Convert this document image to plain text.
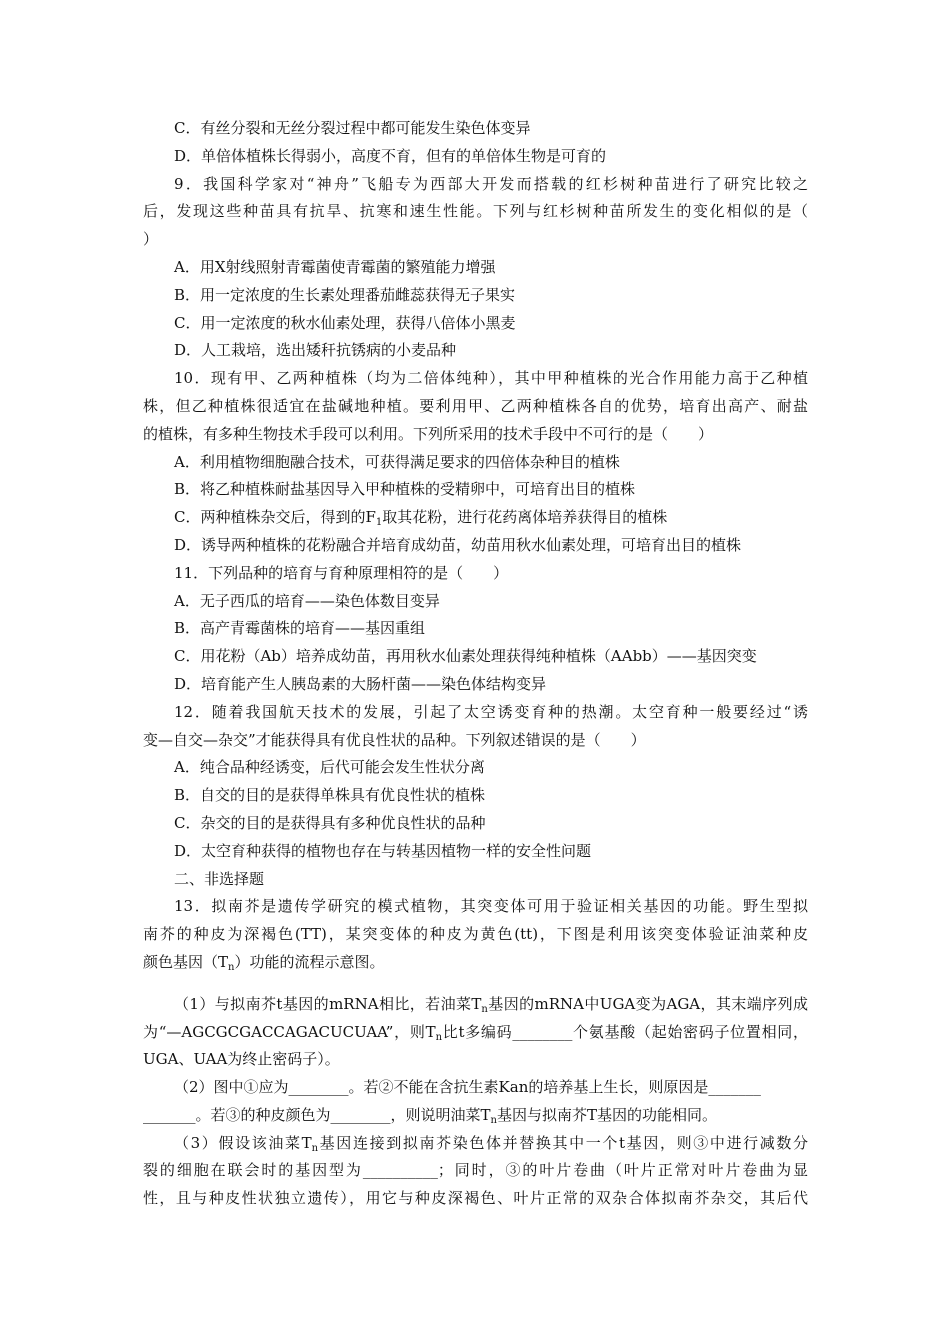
C．有丝分裂和无丝分裂过程中都可能发生染色体变异
D．单倍体植株长得弱小，高度不育，但有的单倍体生物是可育的
9．我国科学家对“神舟”飞船专为西部大开发而搭载的红杉树种苗进行了研究比较之
后，发现这些种苗具有抗旱、抗寒和速生性能。下列与红杉树种苗所发生的变化相似的是（
）
A．用X射线照射青霉菌使青霉菌的繁殖能力增强
B．用一定浓度的生长素处理番茄雌蕊获得无子果实
C．用一定浓度的秋水仙素处理，获得八倍体小黑麦
D．人工栽培，选出矮秆抗锈病的小麦品种
10．现有甲、乙两种植株（均为二倍体纯种），其中甲种植株的光合作用能力高于乙种植
株，但乙种植株很适宜在盐碱地种植。要利用甲、乙两种植株各自的优势，培育出高产、耐盐
的植株，有多种生物技术手段可以利用。下列所采用的技术手段中不可行的是（　　）
A．利用植物细胞融合技术，可获得满足要求的四倍体杂种目的植株
B．将乙种植株耐盐基因导入甲种植株的受精卵中，可培育出目的植株
C．两种植株杂交后，得到的$F_1$取其花粉，进行花药离体培养获得目的植株
D．诱导两种植株的花粉融合并培育成幼苗，幼苗用秋水仙素处理，可培育出目的植株
11．下列品种的培育与育种原理相符的是（　　）
A．无子西瓜的培育——染色体数目变异
B．高产青霉菌株的培育——基因重组
C．用花粉（Ab）培养成幼苗，再用秋水仙素处理获得纯种植株（AAbb）——基因突变
D．培育能产生人胰岛素的大肠杆菌——染色体结构变异
12．随着我国航天技术的发展，引起了太空诱变育种的热潮。太空育种一般要经过“诱
变—自交—杂交”才能获得具有优良性状的品种。下列叙述错误的是（　　）
A．纯合品种经诱变，后代可能会发生性状分离
B．自交的目的是获得单株具有优良性状的植株
C．杂交的目的是获得具有多种优良性状的品种
D．太空育种获得的植物也存在与转基因植物一样的安全性问题
二、非选择题
13．拟南芥是遗传学研究的模式植物，其突变体可用于验证相关基因的功能。野生型拟
南芥的种皮为深褐色(TT)，某突变体的种皮为黄色(tt)，下图是利用该突变体验证油菜种皮
颜色基因$(T_n)$功能的流程示意图。
（1）与拟南芥t基因的mRNA相比，若油菜$T_n$基因的mRNA中UGA变为AGA，其末端序列成
为“—AGCGCGACCAGACUCUAA”，则$T_n$比t多编码________个氨基酸（起始密码子位置相同，
UGA、UAA为终止密码子）。
（2）图中①应为________。若②不能在含抗生素Kan的培养基上生长，则原因是_______
_______。若③的种皮颜色为________，则说明油菜$T_n$基因与拟南芥T基因的功能相同。
（3）假设该油菜$T_n$基因连接到拟南芥染色体并替换其中一个t基因，则③中进行减数分
裂的细胞在联会时的基因型为__________；同时，③的叶片卷曲（叶片正常对叶片卷曲为显
性，且与种皮性状独立遗传），用它与种皮深褐色、叶片正常的双杂合体拟南芥杂交，其后代
